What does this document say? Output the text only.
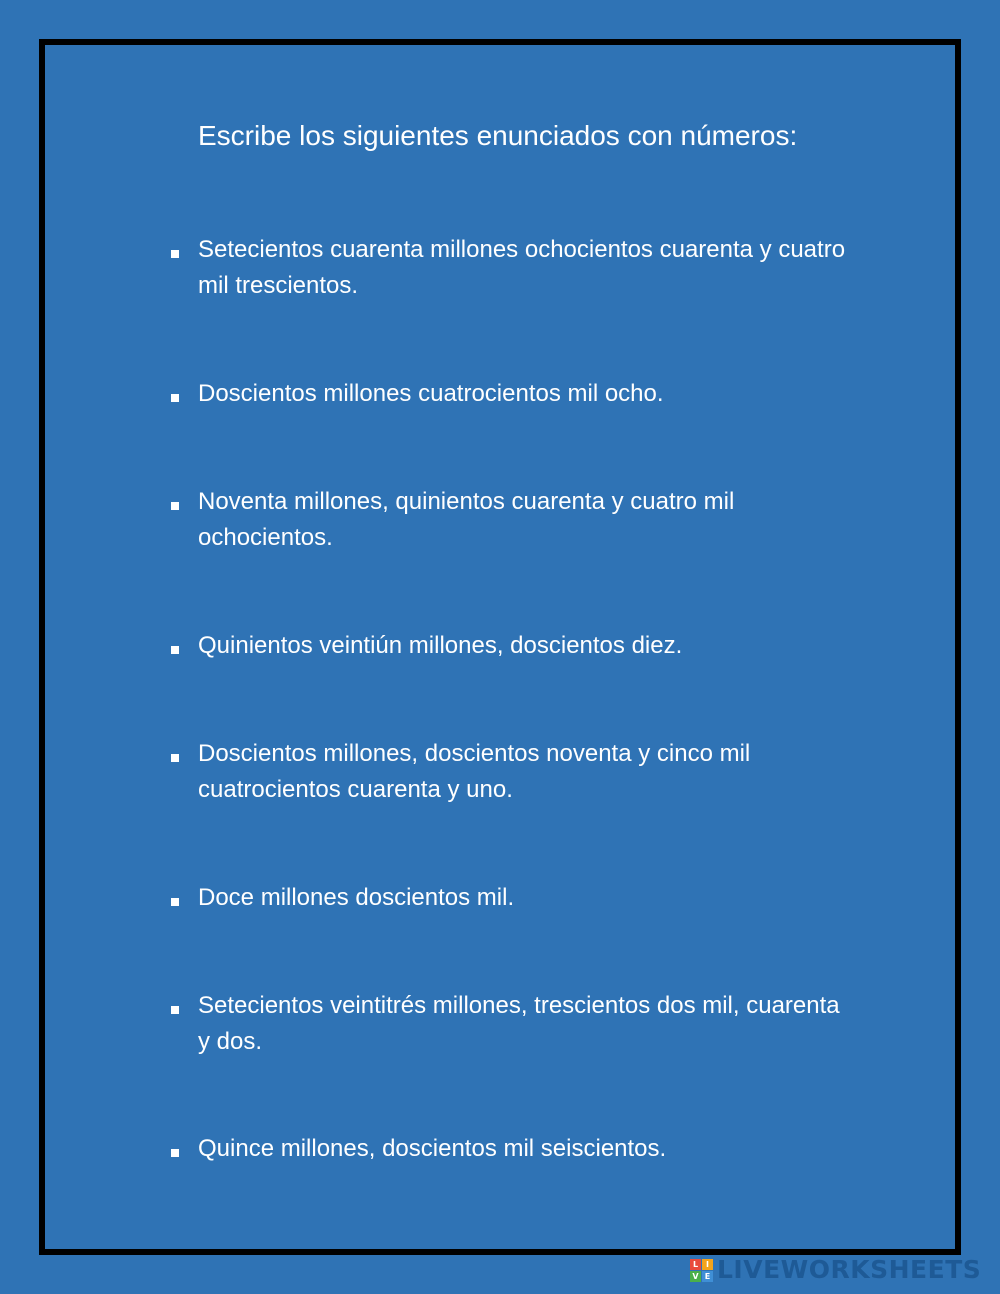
Escribe los siguientes enunciados con números:
Setecientos cuarenta millones ochocientos cuarenta y cuatro mil trescientos.
Doscientos millones cuatrocientos mil ocho.
Noventa millones, quinientos cuarenta y cuatro mil ochocientos.
Quinientos veintiún millones, doscientos diez.
Doscientos millones, doscientos noventa y cinco mil cuatrocientos cuarenta y uno.
Doce millones doscientos mil.
Setecientos veintitrés millones, trescientos dos mil, cuarenta y dos.
Quince millones, doscientos mil seiscientos.
L I
V E LIVEWORKSHEETS
